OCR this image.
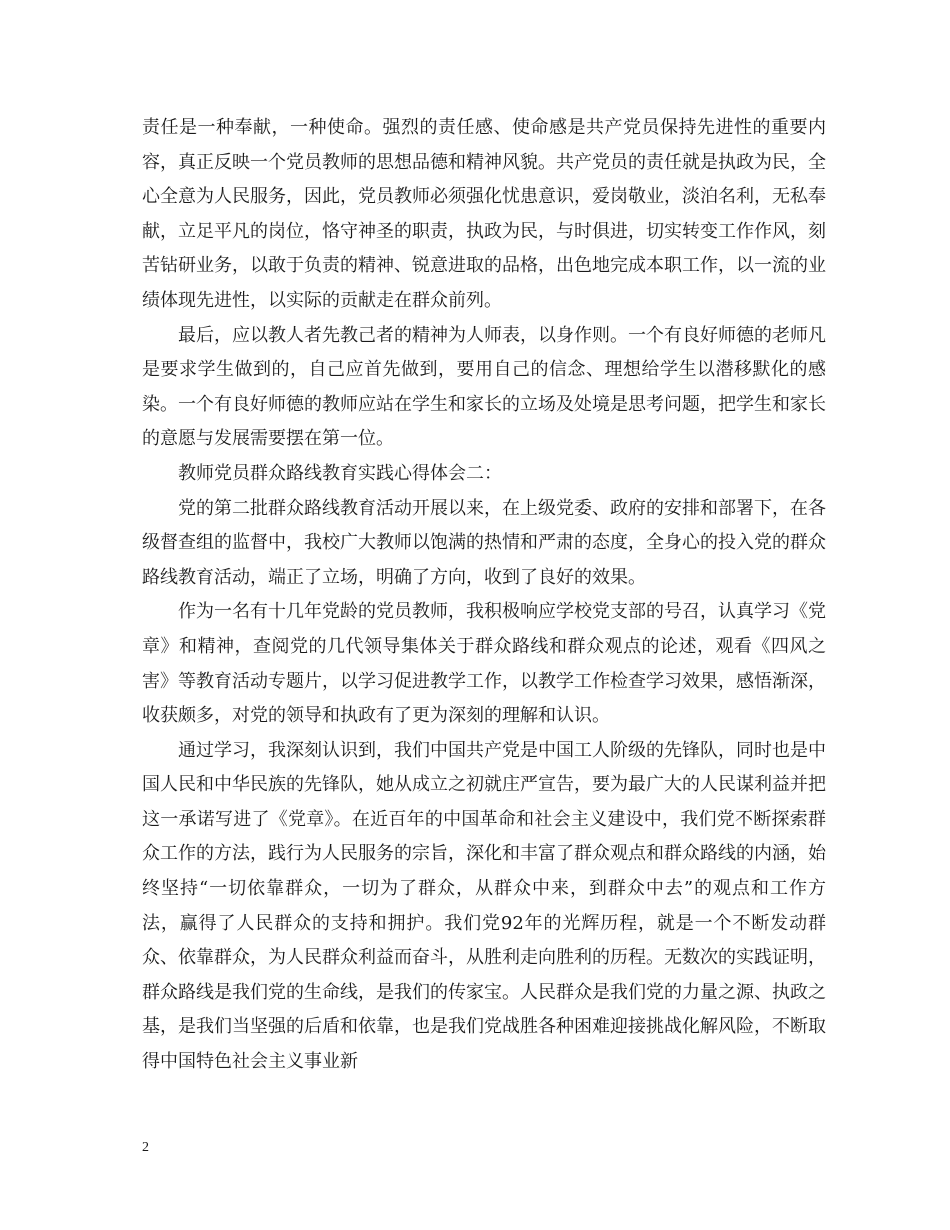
责任是一种奉献，一种使命。强烈的责任感、使命感是共产党员保持先进性的重要内容，真正反映一个党员教师的思想品德和精神风貌。共产党员的责任就是执政为民，全心全意为人民服务，因此，党员教师必须强化忧患意识，爱岗敬业，淡泊名利，无私奉献，立足平凡的岗位，恪守神圣的职责，执政为民，与时俱进，切实转变工作作风，刻苦钻研业务，以敢于负责的精神、锐意进取的品格，出色地完成本职工作，以一流的业绩体现先进性，以实际的贡献走在群众前列。

最后，应以教人者先教己者的精神为人师表，以身作则。一个有良好师德的老师凡是要求学生做到的，自己应首先做到，要用自己的信念、理想给学生以潜移默化的感染。一个有良好师德的教师应站在学生和家长的立场及处境是思考问题，把学生和家长的意愿与发展需要摆在第一位。

教师党员群众路线教育实践心得体会二：

党的第二批群众路线教育活动开展以来，在上级党委、政府的安排和部署下，在各级督查组的监督中，我校广大教师以饱满的热情和严肃的态度，全身心的投入党的群众路线教育活动，端正了立场，明确了方向，收到了良好的效果。

作为一名有十几年党龄的党员教师，我积极响应学校党支部的号召，认真学习《党章》和精神，查阅党的几代领导集体关于群众路线和群众观点的论述，观看《四风之害》等教育活动专题片，以学习促进教学工作，以教学工作检查学习效果，感悟渐深，收获颇多，对党的领导和执政有了更为深刻的理解和认识。

通过学习，我深刻认识到，我们中国共产党是中国工人阶级的先锋队，同时也是中国人民和中华民族的先锋队，她从成立之初就庄严宣告，要为最广大的人民谋利益并把这一承诺写进了《党章》。在近百年的中国革命和社会主义建设中，我们党不断探索群众工作的方法，践行为人民服务的宗旨，深化和丰富了群众观点和群众路线的内涵，始终坚持“一切依靠群众，一切为了群众，从群众中来，到群众中去”的观点和工作方法，赢得了人民群众的支持和拥护。我们党92年的光辉历程，就是一个不断发动群众、依靠群众，为人民群众利益而奋斗，从胜利走向胜利的历程。无数次的实践证明，群众路线是我们党的生命线，是我们的传家宝。人民群众是我们党的力量之源、执政之基，是我们当坚强的后盾和依靠，也是我们党战胜各种困难迎接挑战化解风险，不断取得中国特色社会主义事业新

2
